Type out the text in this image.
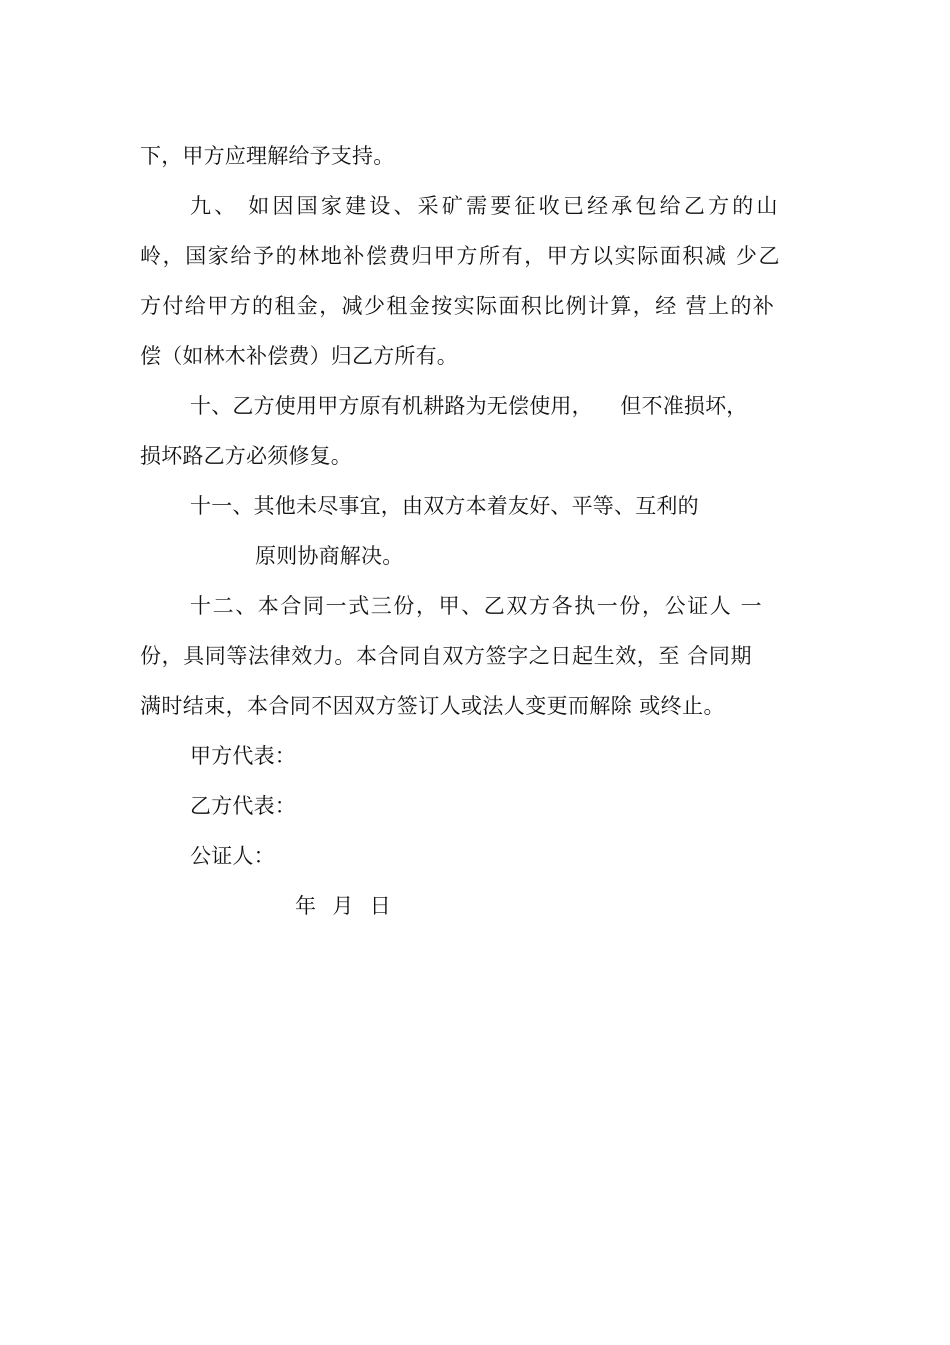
下，甲方应理解给予支持。
九、 如因国家建设、采矿需要征收已经承包给乙方的山
岭，国家给予的林地补偿费归甲方所有，甲方以实际面积减 少乙
方付给甲方的租金，减少租金按实际面积比例计算，经 营上的补
偿（如林木补偿费）归乙方所有。
十、乙方使用甲方原有机耕路为无偿使用，    但不准损坏，
损坏路乙方必须修复。
十一、其他未尽事宜，由双方本着友好、平等、互利的
原则协商解决。
十二、本合同一式三份，甲、乙双方各执一份，公证人 一
份，具同等法律效力。本合同自双方签字之日起生效，至 合同期
满时结束，本合同不因双方签订人或法人变更而解除 或终止。
甲方代表：
乙方代表：
公证人：
年  月  日
